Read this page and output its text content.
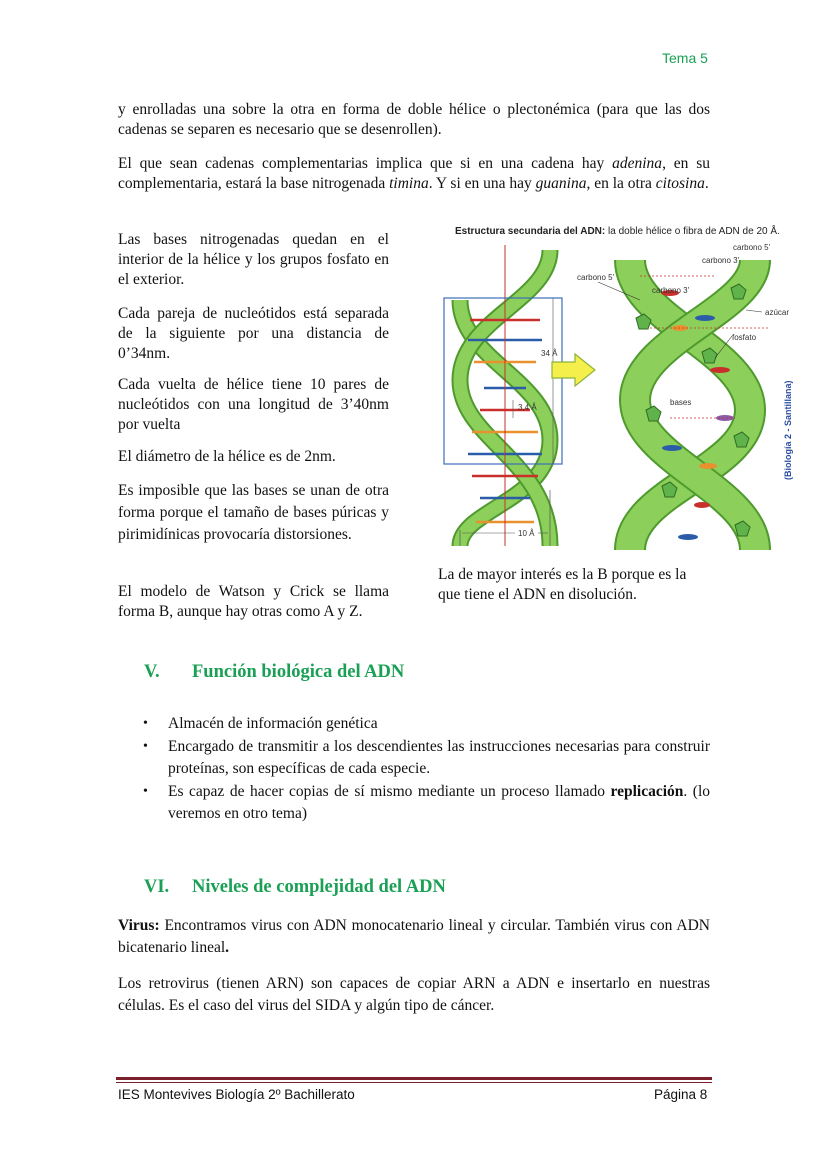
Tema 5

y enrolladas una sobre la otra en forma de doble hélice o plectonémica (para que las dos cadenas se separen es necesario que se desenrollen).

El que sean cadenas complementarias implica que si en una cadena hay adenina, en su complementaria, estará la base nitrogenada timina. Y si en una hay guanina, en la otra citosina.

Las bases nitrogenadas quedan en el interior de la hélice y los grupos fosfato en el exterior.

Cada pareja de nucleótidos está separada de la siguiente por una distancia de 0’34nm.

Cada vuelta de hélice tiene 10 pares de nucleótidos con una longitud de 3’40nm por vuelta

El diámetro de la hélice es de 2nm.

Es imposible que las bases se unan de otra forma porque el tamaño de bases púricas y pirimidínicas provocaría distorsiones.

El modelo de Watson y Crick se llama forma B, aunque hay otras como A y Z.

Estructura secundaria del ADN: la doble hélice o fibra de ADN de 20 Å.
34 Å
3,4 Å
10 Å
carbono 5'
carbono 3'
carbono 5'
carbono 3'
azúcar
fosfato
bases	(Biología 2 - Santillana)

La de mayor interés es la B porque es la que tiene el ADN en disolución.

V. Función biológica del ADN
• Almacén de información genética
• Encargado de transmitir a los descendientes las instrucciones necesarias para construir proteínas, son específicas de cada especie.
• Es capaz de hacer copias de sí mismo mediante un proceso llamado replicación. (lo veremos en otro tema)
VI. Niveles de complejidad del ADN

Virus: Encontramos virus con ADN monocatenario lineal y circular. También virus con ADN bicatenario lineal.

Los retrovirus (tienen ARN) son capaces de copiar ARN a ADN e insertarlo en nuestras células. Es el caso del virus del SIDA y algún tipo de cáncer.

IES Montevives Biología 2º Bachillerato	Página 8
